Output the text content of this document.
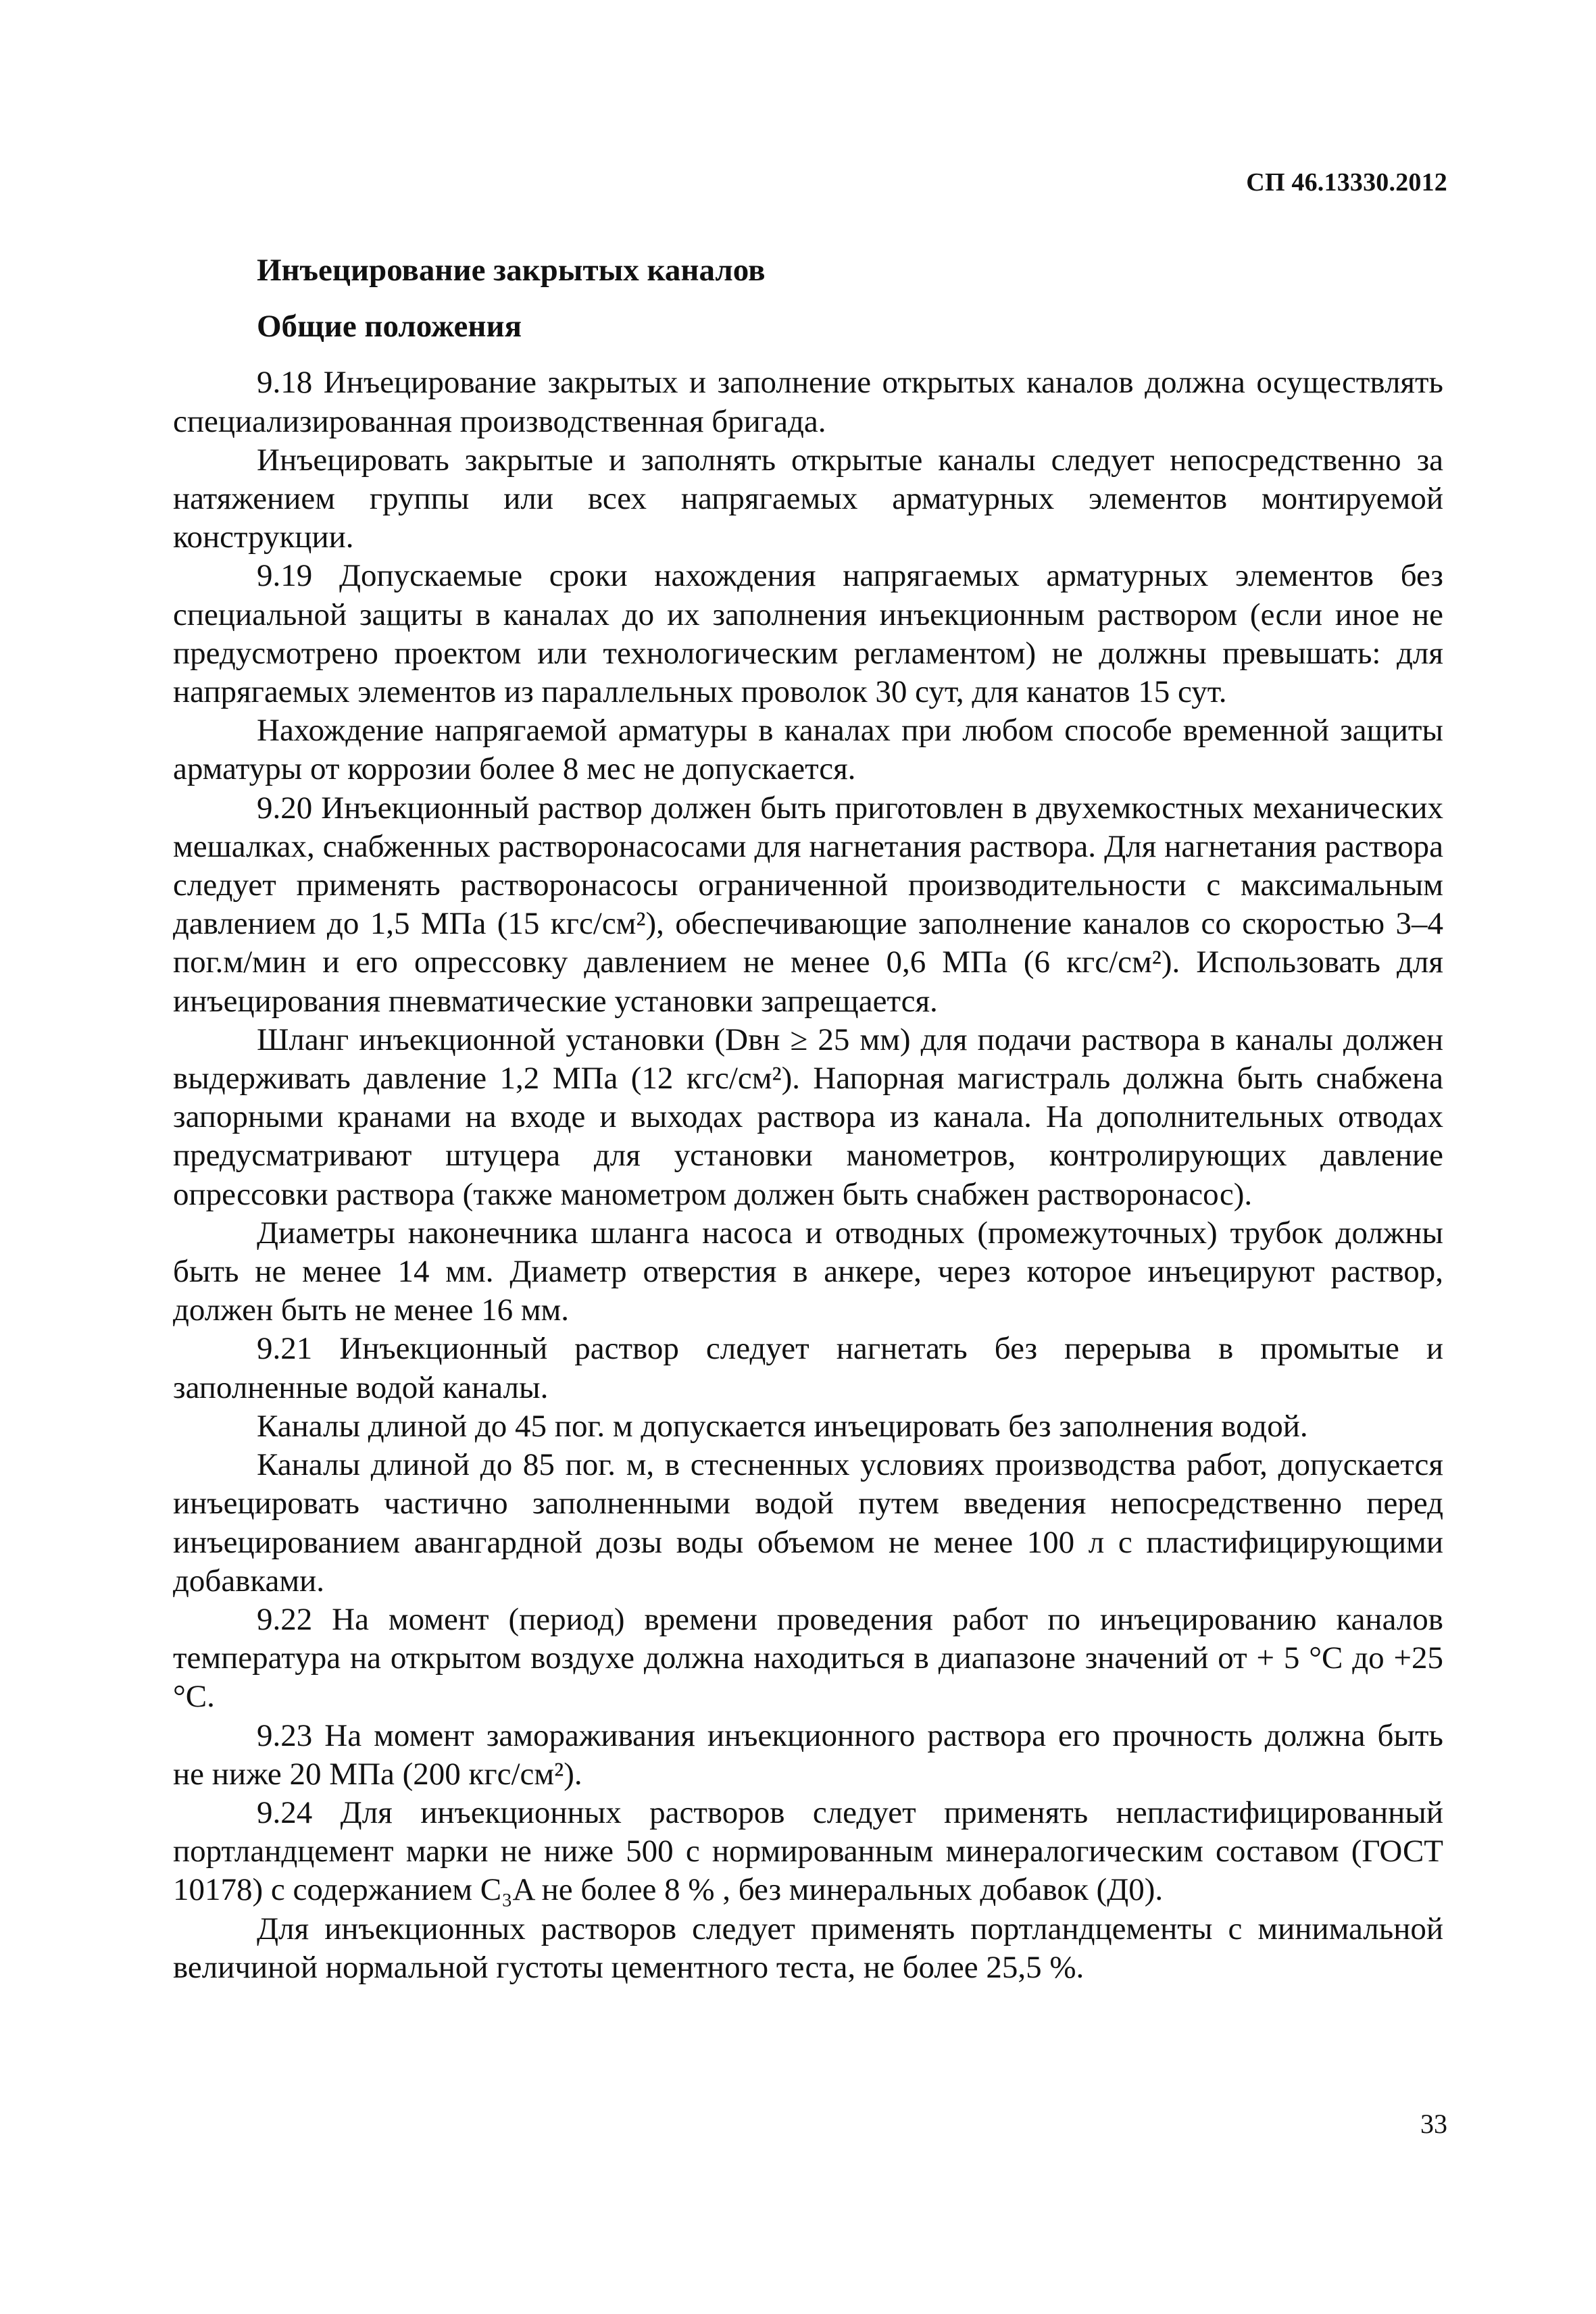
СП 46.13330.2012
Инъецирование закрытых каналов
Общие положения

9.18 Инъецирование закрытых и заполнение открытых каналов должна осуществлять специализированная производственная бригада.

Инъецировать закрытые и заполнять открытые каналы следует непосредственно за натяжением группы или всех напрягаемых арматурных элементов монтируемой конструкции.

9.19 Допускаемые сроки нахождения напрягаемых арматурных элементов без специальной защиты в каналах до их заполнения инъекционным раствором (если иное не предусмотрено проектом или технологическим регламентом) не должны превышать: для напрягаемых элементов из параллельных проволок 30 сут, для канатов 15 сут.

Нахождение напрягаемой арматуры в каналах при любом способе временной защиты арматуры от коррозии более 8 мес не допускается.

9.20 Инъекционный раствор должен быть приготовлен в двухемкостных механических мешалках, снабженных растворонасосами для нагнетания раствора. Для нагнетания раствора следует применять растворонасосы ограниченной производительности с максимальным давлением до 1,5 МПа (15 кгс/см²), обеспечивающие заполнение каналов со скоростью 3–4 пог.м/мин и его опрессовку давлением не менее 0,6 МПа (6 кгс/см²). Использовать для инъецирования пневматические установки запрещается.

Шланг инъекционной установки (Dвн ≥ 25 мм) для подачи раствора в каналы должен выдерживать давление 1,2 МПа (12 кгс/см²). Напорная магистраль должна быть снабжена запорными кранами на входе и выходах раствора из канала. На дополнительных отводах предусматривают штуцера для установки манометров, контролирующих давление опрессовки раствора (также манометром должен быть снабжен растворонасос).

Диаметры наконечника шланга насоса и отводных (промежуточных) трубок должны быть не менее 14 мм. Диаметр отверстия в анкере, через которое инъецируют раствор, должен быть не менее 16 мм.

9.21 Инъекционный раствор следует нагнетать без перерыва в промытые и заполненные водой каналы.

Каналы длиной до 45 пог. м допускается инъецировать без заполнения водой.

Каналы длиной до 85 пог. м, в стесненных условиях производства работ, допускается инъецировать частично заполненными водой путем введения непосредственно перед инъецированием авангардной дозы воды объемом не менее 100 л с пластифицирующими добавками.

9.22 На момент (период) времени проведения работ по инъецированию каналов температура на открытом воздухе должна находиться в диапазоне значений от + 5 °С до +25 °С.

9.23 На момент замораживания инъекционного раствора его прочность должна быть не ниже 20 МПа (200 кгс/см²).

9.24 Для инъекционных растворов следует применять непластифицированный портландцемент марки не ниже 500 с нормированным минералогическим составом (ГОСТ 10178) с содержанием C₃A не более 8 % , без минеральных добавок (Д0).

Для инъекционных растворов следует применять портландцементы с минимальной величиной нормальной густоты цементного теста, не более 25,5 %.

33
